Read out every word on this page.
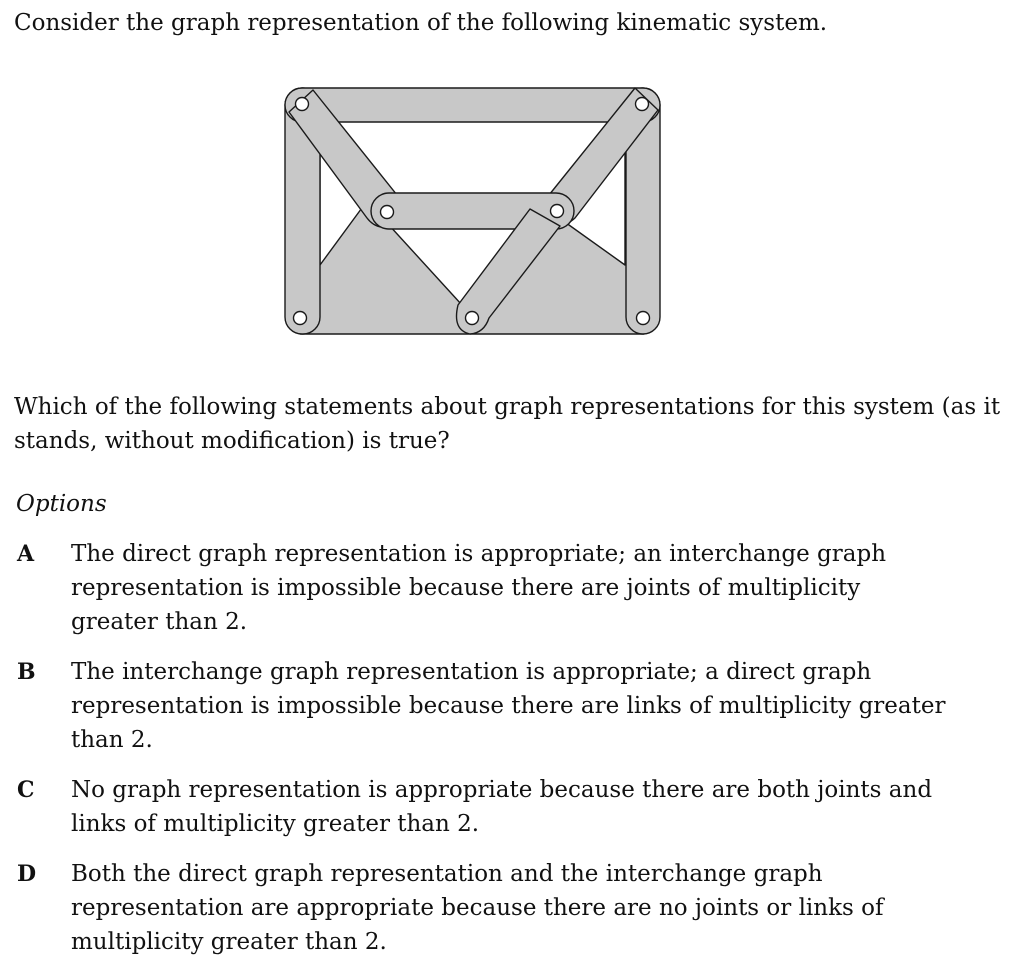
Consider the graph representation of the following kinematic system.

Which of the following statements about graph representations for this system (as it stands, without modification) is true?

Options

A	The direct graph representation is appropriate; an interchange graph representation is impossible because there are joints of multiplicity greater than 2.
B	The interchange graph representation is appropriate; a direct graph representation is impossible because there are links of multiplicity greater than 2.
C	No graph representation is appropriate because there are both joints and links of multiplicity greater than 2.
D	Both the direct graph representation and the interchange graph representation are appropriate because there are no joints or links of multiplicity greater than 2.
